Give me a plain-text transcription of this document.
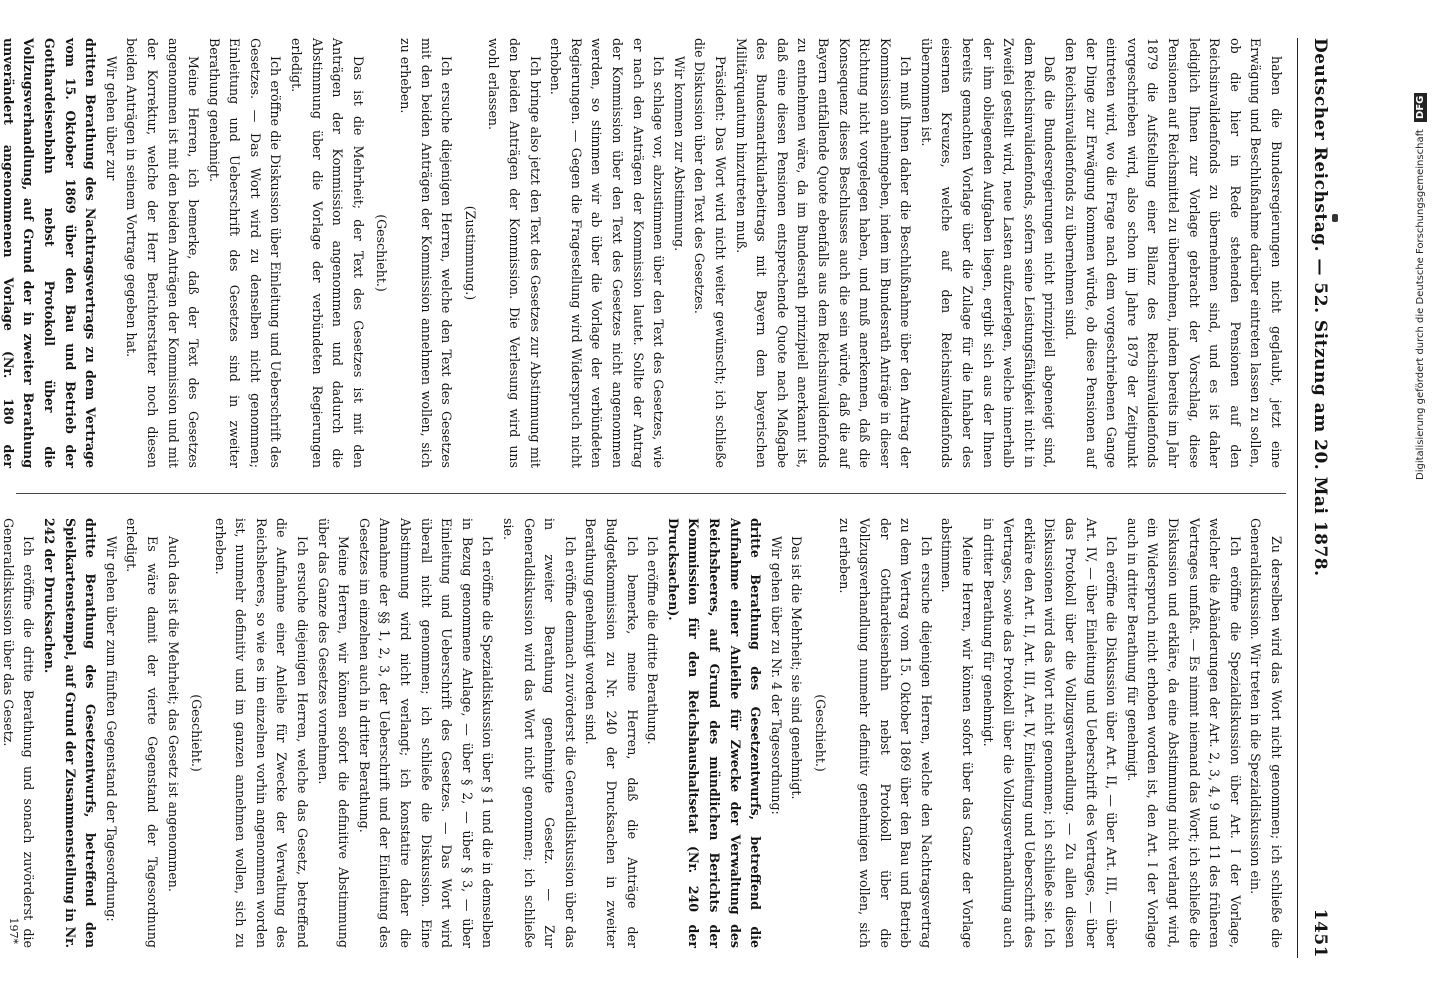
Deutscher Reichstag. — 52. Sitzung am 20. Mai 1878.
1451

haben die Bundesregierungen nicht geglaubt, jetzt eine Erwägung und Beschlußnahme darüber eintreten lassen zu sollen, ob die hier in Rede stehenden Pensionen auf den Reichsinvalidenfonds zu übernehmen sind, und es ist daher lediglich Ihnen zur Vorlage gebracht der Vorschlag, diese Pensionen auf Reichsmittel zu übernehmen, indem bereits im Jahr 1879 die Aufstellung einer Bilanz des Reichsinvalidenfonds vorgeschrieben wird, also schon im Jahre 1879 der Zeitpunkt eintreten wird, wo die Frage nach dem vorgeschriebenen Gange der Dinge zur Erwägung kommen würde, ob diese Pensionen auf den Reichsinvalidenfonds zu übernehmen sind.

Daß die Bundesregierungen nicht prinzipiell abgeneigt sind, dem Reichsinvalidenfonds, sofern seine Leistungsfähigkeit nicht in Zweifel gestellt wird, neue Lasten aufzuerlegen, welche innerhalb der ihm obliegenden Aufgaben liegen, ergibt sich aus der Ihnen bereits gemachten Vorlage über die Zulage für die Inhaber des eisernen Kreuzes, welche auf den Reichsinvalidenfonds übernommen ist.

Ich muß Ihnen daher die Beschlußnahme über den Antrag der Kommission anheimgeben, indem im Bundesrath Anträge in dieser Richtung nicht vorgelegen haben, und muß anerkennen, daß die Konsequenz dieses Beschlusses auch die sein würde, daß die auf Bayern entfallende Quote ebenfalls aus dem Reichsinvalidenfonds zu entnehmen wäre, da im Bundesrath prinzipiell anerkannt ist, daß eine diesen Pensionen entsprechende Quote nach Maßgabe des Bundesmatrikularbeitrags mit Bayern dem bayerischen Militärquantum hinzutreten muß.

Präsident: Das Wort wird nicht weiter gewünscht; ich schließe die Diskussion über den Text des Gesetzes.

Wir kommen zur Abstimmung.

Ich schlage vor, abzustimmen über den Text des Gesetzes, wie er nach den Anträgen der Kommission lautet. Sollte der Antrag der Kommission über den Text des Gesetzes nicht angenommen werden, so stimmen wir ab über die Vorlage der verbündeten Regierungen. — Gegen die Fragestellung wird Widerspruch nicht erhoben.

Ich bringe also jetzt den Text des Gesetzes zur Abstimmung mit den beiden Anträgen der Kommission. Die Verlesung wird uns wohl erlassen.

(Zustimmung.)

Ich ersuche diejenigen Herren, welche den Text des Gesetzes mit den beiden Anträgen der Kommission annehmen wollen, sich zu erheben.

(Geschieht.)

Das ist die Mehrheit; der Text des Gesetzes ist mit den Anträgen der Kommission angenommen und dadurch die Abstimmung über die Vorlage der verbündeten Regierungen erledigt.

Ich eröffne die Diskussion über Einleitung und Ueberschrift des Gesetzes. — Das Wort wird zu denselben nicht genommen; Einleitung und Ueberschrift des Gesetzes sind in zweiter Berathung genehmigt.

Meine Herren, ich bemerke, daß der Text des Gesetzes angenommen ist mit den beiden Anträgen der Kommission und mit der Korrektur, welche der Herr Berichterstatter noch diesen beiden Anträgen in seinem Vortrage gegeben hat.

Wir gehen über zur

dritten Berathung des Nachtragsvertrags zu dem Vertrage vom 15. Oktober 1869 über den Bau und Betrieb der Gotthardeisenbahn nebst Protokoll über die Vollzugsverhandlung, auf Grund der in zweiter Berathung unverändert angenommenen Vorlage (Nr. 180 der

Zu derselben wird das Wort nicht genommen; ich schließe die Generaldiskussion. Wir treten in die Spezialdiskussion ein.

Ich eröffne die Spezialdiskussion über Art. I der Vorlage, welcher die Abänderungen der Art. 2, 3, 4, 9 und 11 des früheren Vertrages umfaßt. — Es nimmt niemand das Wort; ich schließe die Diskussion und erkläre, da eine Abstimmung nicht verlangt wird, ein Widerspruch nicht erhoben worden ist, den Art. I der Vorlage auch in dritter Berathung für genehmigt.

Ich eröffne die Diskussion über Art. II, — über Art. III, — über Art. IV, — über Einleitung und Ueberschrift des Vertrages, — über das Protokoll über die Vollzugsverhandlung. — Zu allen diesen Diskussionen wird das Wort nicht genommen; ich schließe sie. Ich erkläre den Art. II, Art. III, Art. IV, Einleitung und Ueberschrift des Vertrages, sowie das Protokoll über die Vollzugsverhandlung auch in dritter Berathung für genehmigt.

Meine Herren, wir können sofort über das Ganze der Vorlage abstimmen.

Ich ersuche diejenigen Herren, welche den Nachtragsvertrag zu dem Vertrag vom 15. Oktober 1869 über den Bau und Betrieb der Gotthardeisenbahn nebst Protokoll über die Vollzugsverhandlung nunmehr definitiv genehmigen wollen, sich zu erheben.

(Geschieht.)

Das ist die Mehrheit; sie sind genehmigt.

Wir gehen über zu Nr. 4 der Tagesordnung:

dritte Berathung des Gesetzentwurfs, betreffend die Aufnahme einer Anleihe für Zwecke der Verwaltung des Reichsheeres, auf Grund des mündlichen Berichts der Kommission für den Reichshaushaltsetat (Nr. 240 der Drucksachen).

Ich eröffne die dritte Berathung.

Ich bemerke, meine Herren, daß die Anträge der Budgetkommission zu Nr. 240 der Drucksachen in zweiter Berathung genehmigt worden sind.

Ich eröffne demnach zuvörderst die Generaldiskussion über das in zweiter Berathung genehmigte Gesetz. — Zur Generaldiskussion wird das Wort nicht genommen; ich schließe sie.

Ich eröffne die Spezialdiskussion über § 1 und die in demselben in Bezug genommene Anlage, — über § 2, — über § 3, — über Einleitung und Ueberschrift des Gesetzes. — Das Wort wird überall nicht genommen; ich schließe die Diskussion. Eine Abstimmung wird nicht verlangt; ich konstatire daher die Annahme der §§ 1, 2, 3, der Ueberschrift und der Einleitung des Gesetzes im einzelnen auch in dritter Berathung.

Meine Herren, wir können sofort die definitive Abstimmung über das Ganze des Gesetzes vornehmen.

Ich ersuche diejenigen Herren, welche das Gesetz, betreffend die Aufnahme einer Anleihe für Zwecke der Verwaltung des Reichsheeres, so wie es im einzelnen vorhin angenommen worden ist, nunmehr definitiv und im ganzen annehmen wollen, sich zu erheben.

(Geschieht.)

Auch das ist die Mehrheit; das Gesetz ist angenommen.

Es wäre damit der vierte Gegenstand der Tagesordnung erledigt.

Wir gehen über zum fünften Gegenstand der Tagesordnung:

dritte Berathung des Gesetzentwurfs, betreffend den Spielkartenstempel, auf Grund der Zusammenstellung in Nr. 242 der Drucksachen.

Ich eröffne die dritte Berathung und sonach zuvörderst die Generaldiskussion über das Gesetz.

197*
Digitalisierung gefördert durch die Deutsche Forschungsgemeinschaft DFG
